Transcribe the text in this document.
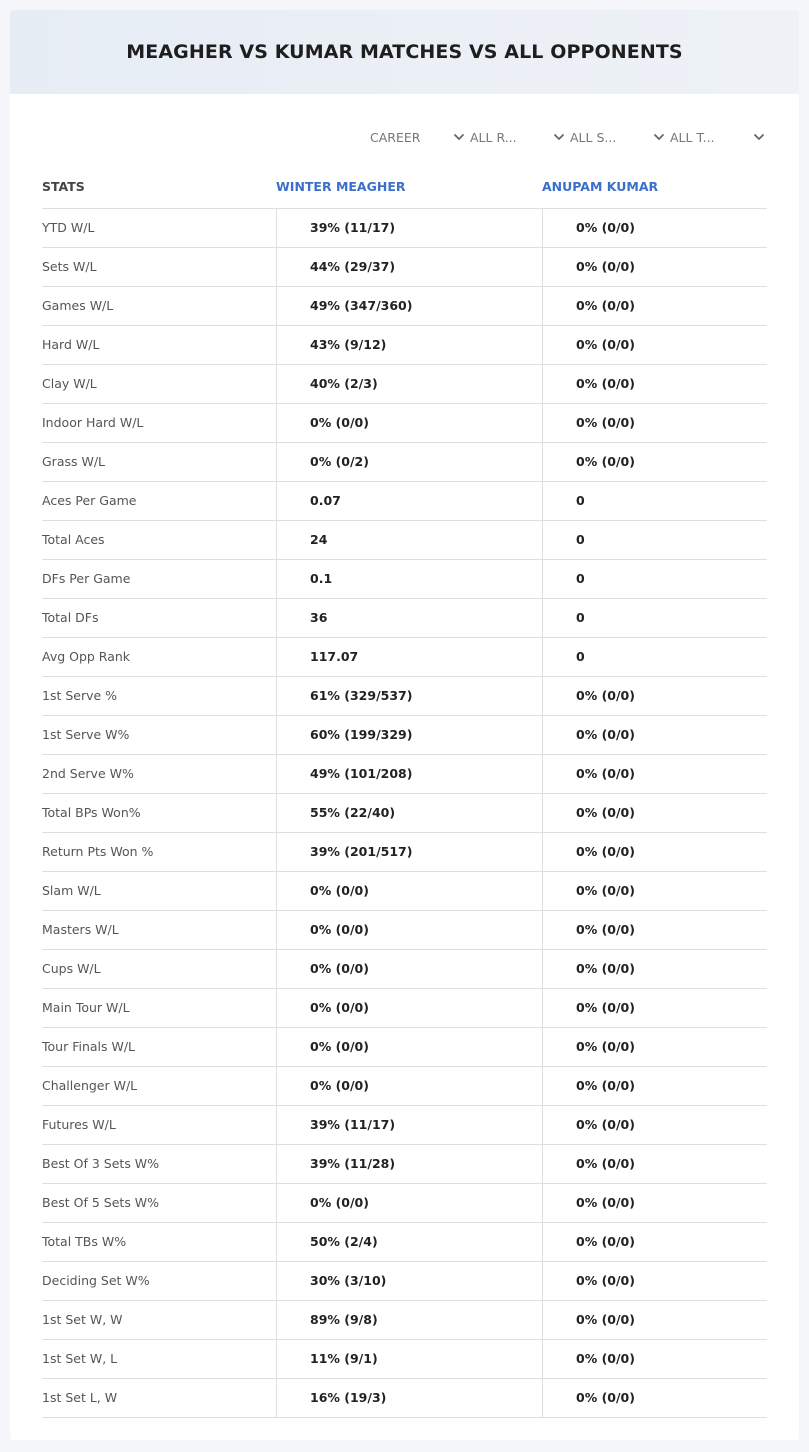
MEAGHER VS KUMAR MATCHES VS ALL OPPONENTS
CAREER	ALL R...	ALL S...	ALL T...
STATS	WINTER MEAGHER	ANUPAM KUMAR
YTD W/L	39% (11/17)	0% (0/0)
Sets W/L	44% (29/37)	0% (0/0)
Games W/L	49% (347/360)	0% (0/0)
Hard W/L	43% (9/12)	0% (0/0)
Clay W/L	40% (2/3)	0% (0/0)
Indoor Hard W/L	0% (0/0)	0% (0/0)
Grass W/L	0% (0/2)	0% (0/0)
Aces Per Game	0.07	0
Total Aces	24	0
DFs Per Game	0.1	0
Total DFs	36	0
Avg Opp Rank	117.07	0
1st Serve %	61% (329/537)	0% (0/0)
1st Serve W%	60% (199/329)	0% (0/0)
2nd Serve W%	49% (101/208)	0% (0/0)
Total BPs Won%	55% (22/40)	0% (0/0)
Return Pts Won %	39% (201/517)	0% (0/0)
Slam W/L	0% (0/0)	0% (0/0)
Masters W/L	0% (0/0)	0% (0/0)
Cups W/L	0% (0/0)	0% (0/0)
Main Tour W/L	0% (0/0)	0% (0/0)
Tour Finals W/L	0% (0/0)	0% (0/0)
Challenger W/L	0% (0/0)	0% (0/0)
Futures W/L	39% (11/17)	0% (0/0)
Best Of 3 Sets W%	39% (11/28)	0% (0/0)
Best Of 5 Sets W%	0% (0/0)	0% (0/0)
Total TBs W%	50% (2/4)	0% (0/0)
Deciding Set W%	30% (3/10)	0% (0/0)
1st Set W, W	89% (9/8)	0% (0/0)
1st Set W, L	11% (9/1)	0% (0/0)
1st Set L, W	16% (19/3)	0% (0/0)
